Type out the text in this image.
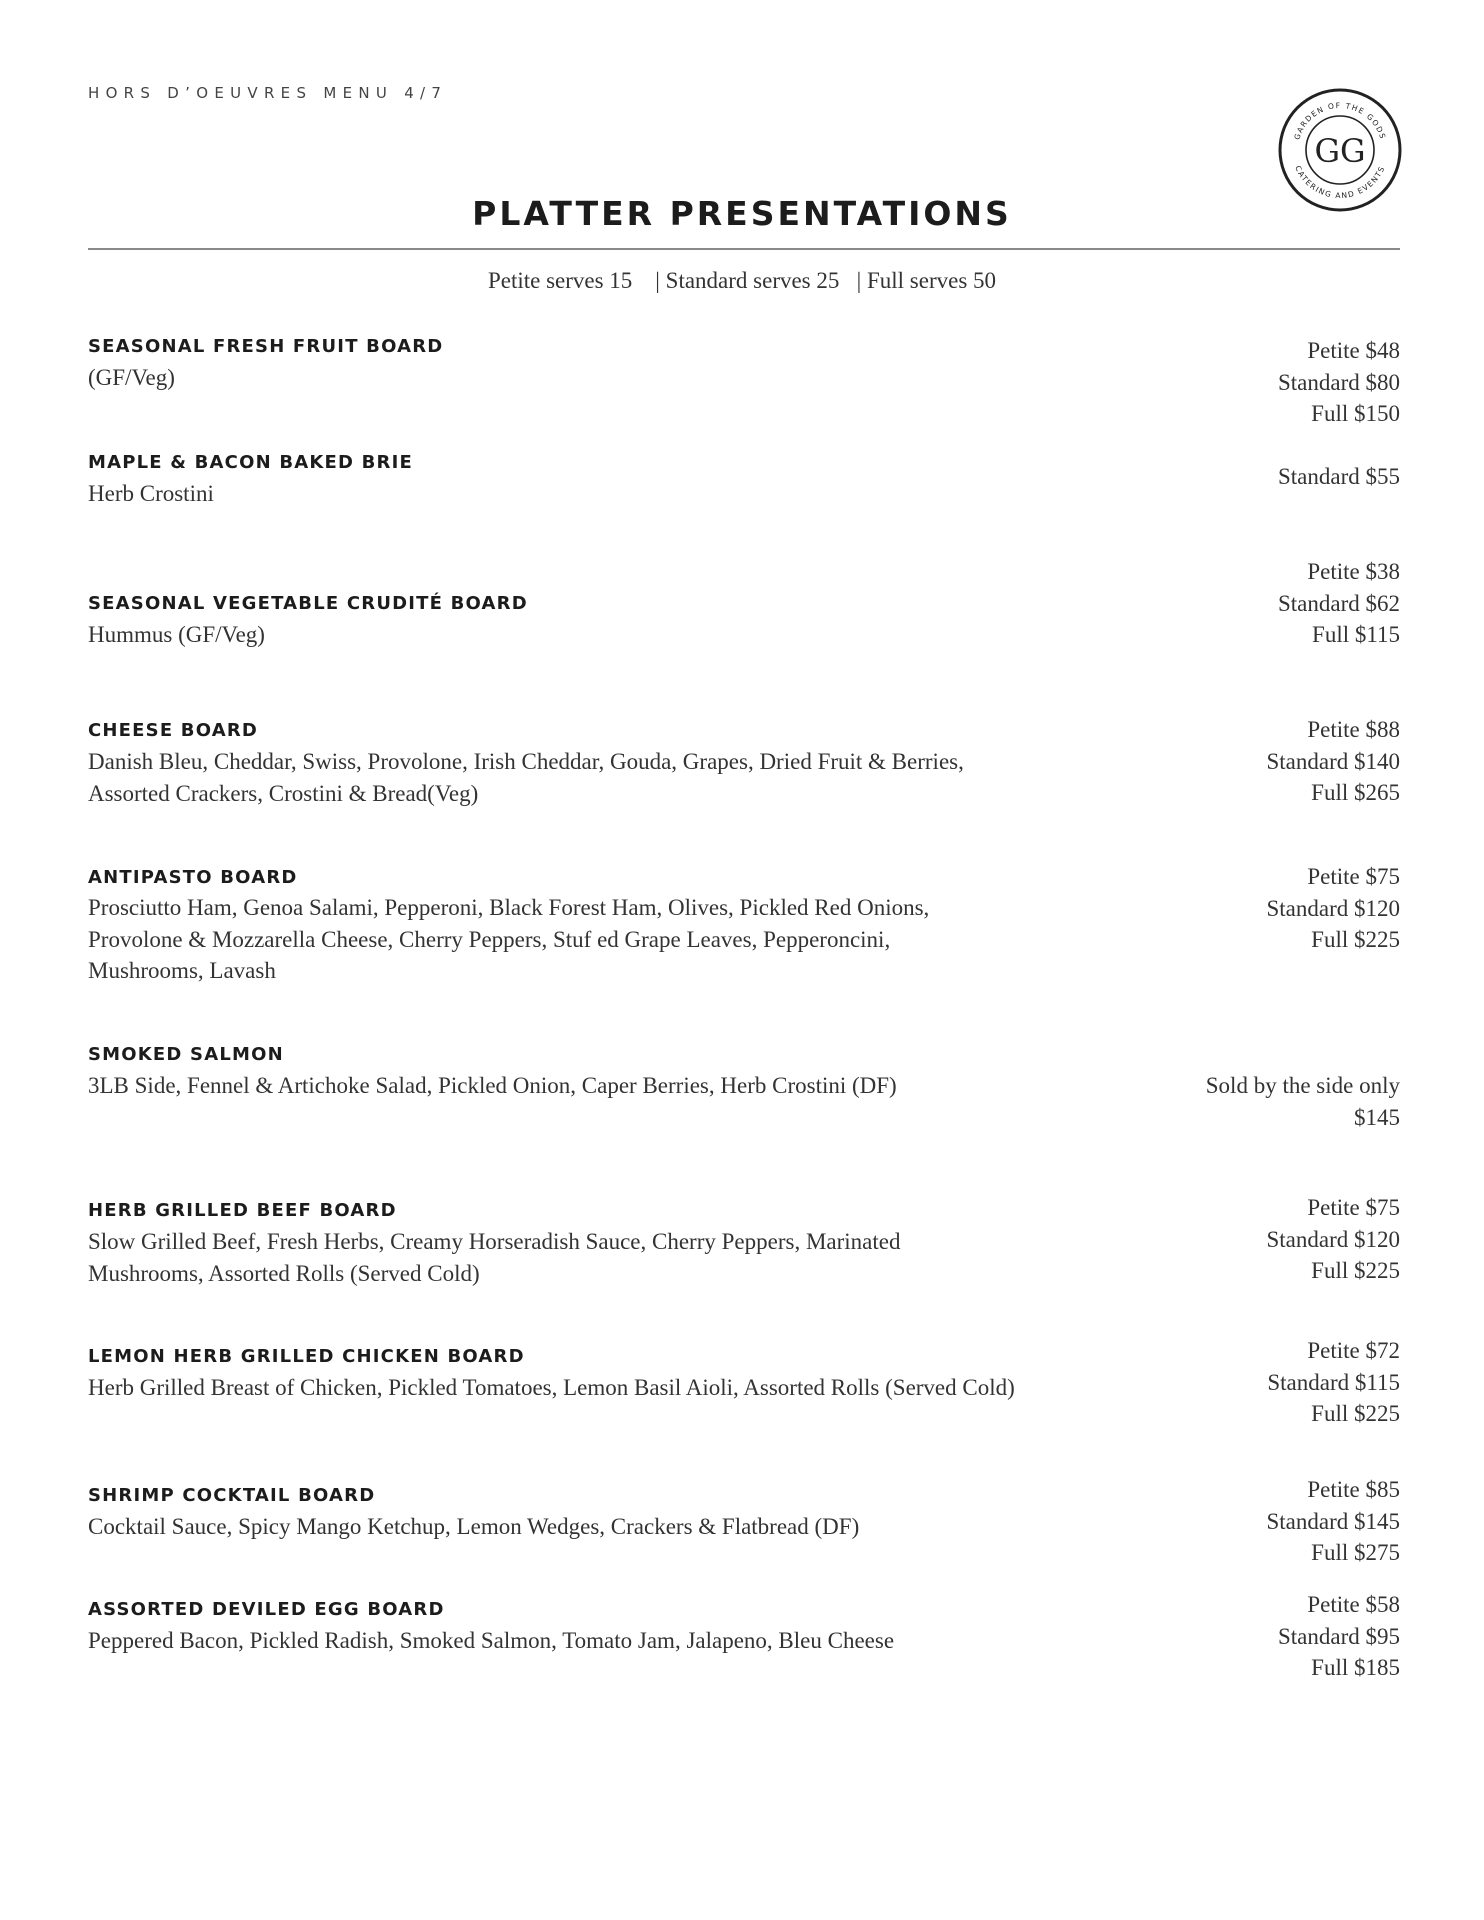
HORS D’OEUVRES MENU 4/7
GARDEN OF THE GODS
CATERING AND EVENTS
GG
PLATTER PRESENTATIONS
Petite serves 15    | Standard serves 25   | Full serves 50
SEASONAL FRESH FRUIT BOARD
(GF/Veg)
Petite $48
Standard $80
Full $150
MAPLE & BACON BAKED BRIE
Herb Crostini
Standard $55
SEASONAL VEGETABLE CRUDITÉ BOARD
Hummus (GF/Veg)
Petite $38
Standard $62
Full $115
CHEESE BOARD
Danish Bleu, Cheddar, Swiss, Provolone, Irish Cheddar, Gouda, Grapes, Dried Fruit & Berries, Assorted Crackers, Crostini & Bread(Veg)
Petite $88
Standard $140
Full $265
ANTIPASTO BOARD
Prosciutto Ham, Genoa Salami, Pepperoni, Black Forest Ham, Olives, Pickled Red Onions, Provolone & Mozzarella Cheese, Cherry Peppers, Stuf ed Grape Leaves, Pepperoncini, Mushrooms, Lavash
Petite $75
Standard $120
Full $225
SMOKED SALMON
3LB Side, Fennel & Artichoke Salad, Pickled Onion, Caper Berries, Herb Crostini (DF)	Sold by the side only
$145
HERB GRILLED BEEF BOARD
Slow Grilled Beef, Fresh Herbs, Creamy Horseradish Sauce, Cherry Peppers, Marinated Mushrooms, Assorted Rolls (Served Cold)
Petite $75
Standard $120
Full $225
LEMON HERB GRILLED CHICKEN BOARD
Herb Grilled Breast of Chicken, Pickled Tomatoes, Lemon Basil Aioli, Assorted Rolls (Served Cold)
Petite $72
Standard $115
Full $225
SHRIMP COCKTAIL BOARD
Cocktail Sauce, Spicy Mango Ketchup, Lemon Wedges, Crackers & Flatbread (DF)
Petite $85
Standard $145
Full $275
ASSORTED DEVILED EGG BOARD
Peppered Bacon, Pickled Radish, Smoked Salmon, Tomato Jam, Jalapeno, Bleu Cheese
Petite $58
Standard $95
Full $185
